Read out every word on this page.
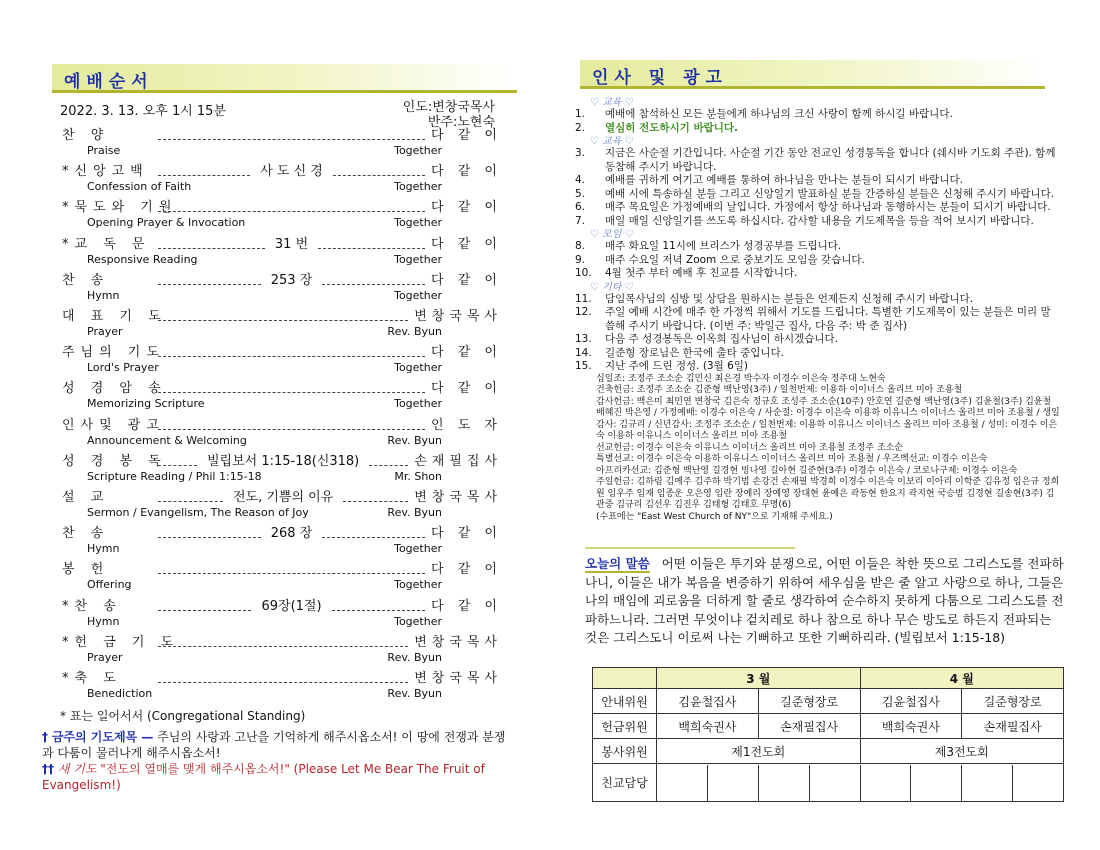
예배순서
2022. 3. 13. 오후 1시 15분	인도:변창국목사
반주:노현숙
찬 양	다 같 이
Praise	Together
*신앙고백	사 도 신 경	다 같 이
Confession of Faith	Together
*묵도와 기원	다 같 이
Opening Prayer & Invocation	Together
*교 독 문	31 번	다 같 이
Responsive Reading	Together
찬 송	253 장	다 같 이
Hymn	Together
대 표 기 도	변창국목사
Prayer	Rev. Byun
주님의 기도	다 같 이
Lord's Prayer	Together
성 경 암 송	다 같 이
Memorizing Scripture	Together
인사및 광고	인 도 자
Announcement & Welcoming	Rev. Byun
성 경 봉 독	빌립보서 1:15-18(신318)	손재필집사
Scripture Reading / Phil 1:15-18	Mr. Shon
설 교	전도, 기쁨의 이유	변창국목사
Sermon / Evangelism, The Reason of Joy	Rev. Byun
찬 송	268 장	다 같 이
Hymn	Together
봉 헌	다 같 이
Offering	Together
*찬 송	69장(1절)	다 같 이
Hymn	Together
*헌 금 기 도	변창국목사
Prayer	Rev. Byun
*축 도	변창국목사
Benediction	Rev. Byun
* 표는 일어서서 (Congregational Standing)
† 금주의 기도제목 — 주님의 사랑과 고난을 기억하게 해주시옵소서! 이 땅에 전쟁과 분쟁과 다툼이 물러나게 해주시옵소서!
†† 새 기도 "전도의 열매를 맺게 해주시옵소서!" (Please Let Me Bear The Fruit of Evangelism!)
인사 및 광고
♡ 교육 ♡
1. 예배에 참석하신 모든 분들에게 하나님의 크신 사랑이 함께 하시길 바랍니다.
2. 열심히 전도하시기 바랍니다.
♡ 교육 ♡
3. 지금은 사순절 기간입니다. 사순절 기간 동안 전교인 성경통독을 합니다 (쉐시바 기도회 주관). 함께 동참해 주시기 바랍니다.
4. 예배를 귀하게 여기고 예배를 통하여 하나님을 만나는 분들이 되시기 바랍니다.
5. 예배 시에 특송하실 분들 그리고 신앙일기 발표하실 분들 간증하실 분들은 신청해 주시기 바랍니다.
6. 매주 목요일은 가정예배의 날입니다. 가정에서 항상 하나님과 동행하시는 분들이 되시기 바랍니다.
7. 매일 매일 신앙일기를 쓰도록 하십시다. 감사할 내용을 기도제목을 등을 적어 보시기 바랍니다.
♡ 모임 ♡
8. 매주 화요일 11시에 브리스가 성경공부를 드립니다.
9. 매주 수요일 저녁 Zoom 으로 중보기도 모임을 갖습니다.
10. 4월 첫주 부터 예배 후 친교를 시작합니다.
♡ 기타 ♡
11. 담임목사님의 심방 및 상담을 원하시는 분들은 언제든지 신청해 주시기 바랍니다.
12. 주일 예배 시간에 매주 한 가정씩 위해서 기도를 드립니다. 특별한 기도제목이 있는 분들은 미리 말씀해 주시기 바랍니다. (이번 주: 박일근 집사, 다음 주: 박 준 집사)
13. 다음 주 성경봉독은 이옥희 집사님이 하시겠습니다.
14. 길준형 장로님은 한국에 출타 중입니다.
15. 지난 주에 드린 정성. (3월 6일)
십일조: 조정주 조소순 김민신 최은경 박수자 이경수 이은숙 정주대 노현숙
건축헌금: 조정주 조소순 김준형 백난영(3주) / 일천번제: 이용하 이이너스 올리브 미아 조용철
감사헌금: 백은미 최민연 변창국 김은숙 정규호 조성주 조소순(10주) 안호연 길준형 백난영(3주) 김윤철(3주) 김윤철 배혜진 박은영 / 가정예배: 이경수 이은숙 / 사순절: 이경수 이은숙 이용하 이유니스 이이너스 올리브 미아 조용철 / 생일감사: 김규리 / 신년감사: 조정주 조소순 / 일천번제: 이용하 이유니스 이이너스 올리브 미아 조용철 / 성미: 이경수 이은숙 이용하 이유니스 이이너스 올리브 미아 조용철
선교헌금: 이경수 이은숙 이유니스 이이너스 올리브 미아 조용철 조정주 조소순
특별선교: 이경수 이은숙 이용하 이유니스 이이너스 올리브 미아 조용철 / 우즈벡선교: 이경수 이은숙
아프리카선교: 김준형 백난영 길경현 빙나영 길아현 길준현(3주) 이경수 이은숙 / 코로나구제: 이경수 이은숙
주일헌금: 김하림 김예주 김주하 박기범 손강건 손재필 박경희 이경수 이은숙 이보리 이아리 이학준 김유정 임은규 정희원 임우주 임재 임종운 오은영 임란 장예리 장예영 장대현 윤예은 곽동현 한요지 곽지현 국승범 김경현 길송현(3주) 김관중 김규리 김선우 김진우 김태형 김태호 무명(6)
(수표에는 "East West Church of NY"으로 기재해 주세요.)
오늘의 말씀 어떤 이들은 투기와 분쟁으로, 어떤 이들은 착한 뜻으로 그리스도를 전파하나니, 이들은 내가 복음을 변증하기 위하여 세우심을 받은 줄 알고 사랑으로 하나, 그들은 나의 매임에 괴로움을 더하게 할 줄로 생각하여 순수하지 못하게 다툼으로 그리스도를 전파하느니라. 그러면 무엇이냐 겉치레로 하나 참으로 하나 무슨 방도로 하든지 전파되는 것은 그리스도니 이로써 나는 기뻐하고 또한 기뻐하리라. (빌립보서 1:15-18)
	3 월		4 월	
안내위원	김윤철집사	길준형장로	김윤철집사	길준형장로
헌금위원	백희숙권사	손재필집사	백희숙권사	손재필집사
봉사위원	제1전도회		제3전도회	
친교담당				
